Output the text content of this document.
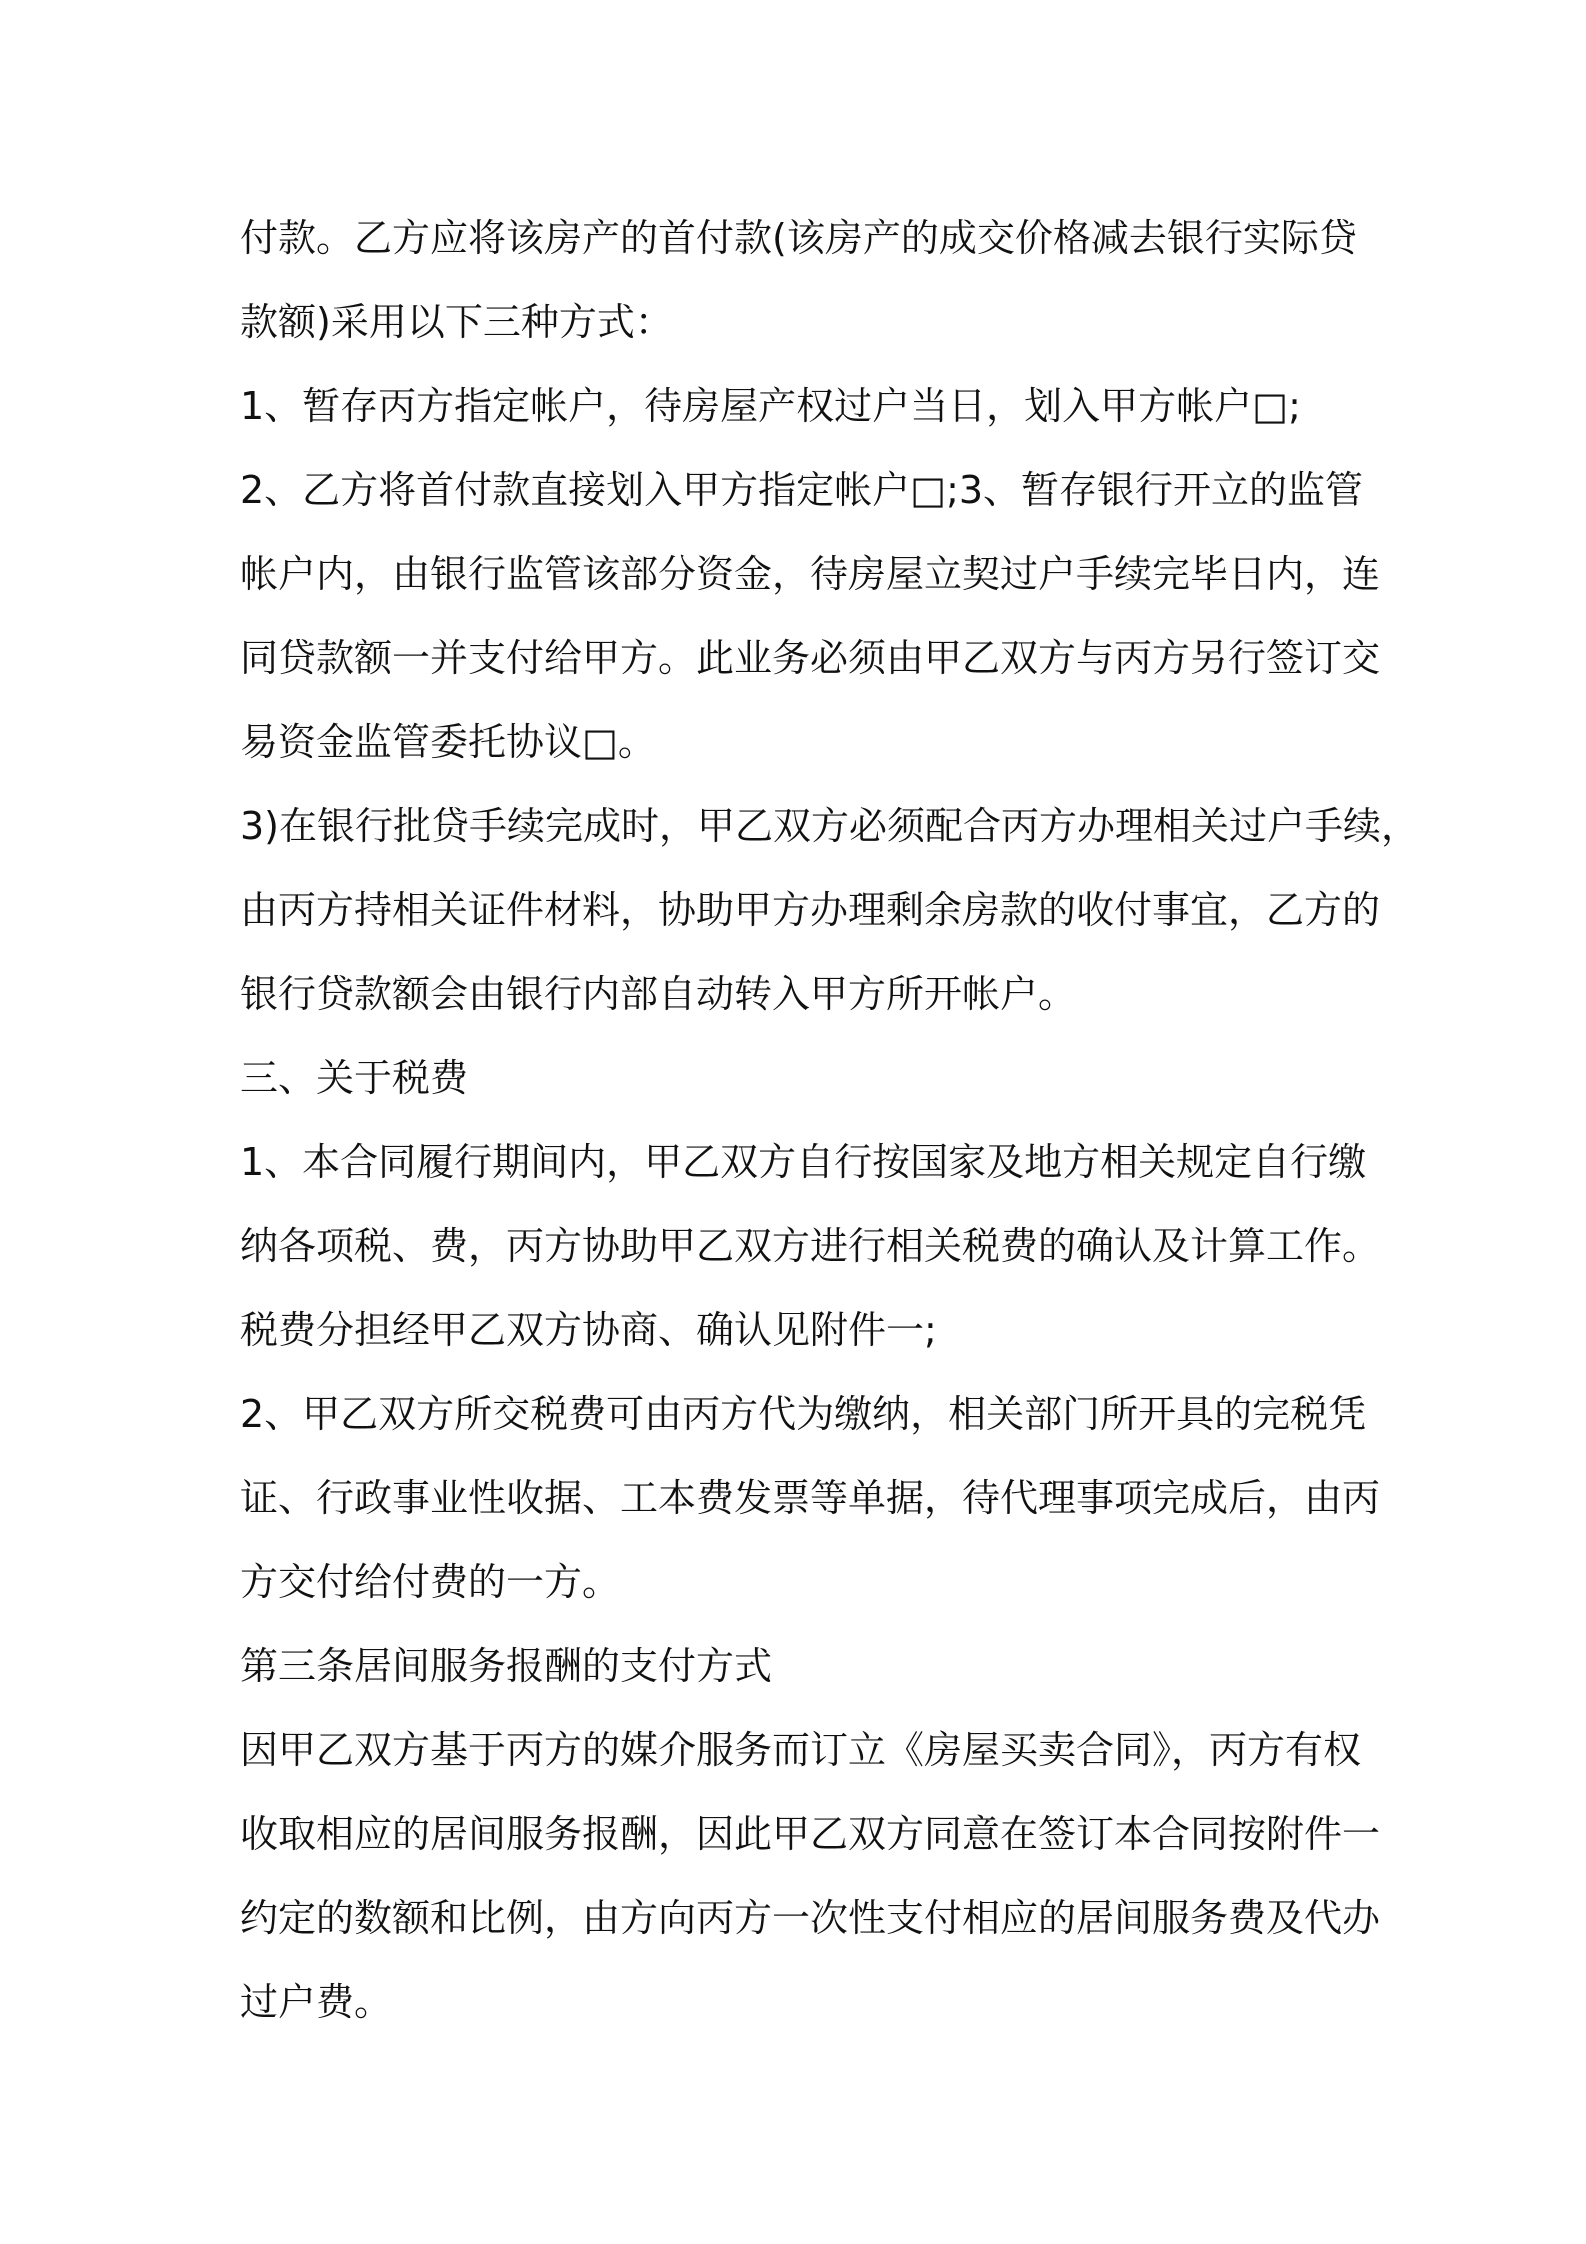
付款。乙方应将该房产的首付款(该房产的成交价格减去银行实际贷
款额)采用以下三种方式：
1、暂存丙方指定帐户，待房屋产权过户当日，划入甲方帐户□;
2、乙方将首付款直接划入甲方指定帐户□;3、暂存银行开立的监管
帐户内，由银行监管该部分资金，待房屋立契过户手续完毕日内，连
同贷款额一并支付给甲方。此业务必须由甲乙双方与丙方另行签订交
易资金监管委托协议□。
3)在银行批贷手续完成时，甲乙双方必须配合丙方办理相关过户手续，
由丙方持相关证件材料，协助甲方办理剩余房款的收付事宜，乙方的
银行贷款额会由银行内部自动转入甲方所开帐户。
三、关于税费
1、本合同履行期间内，甲乙双方自行按国家及地方相关规定自行缴
纳各项税、费，丙方协助甲乙双方进行相关税费的确认及计算工作。
税费分担经甲乙双方协商、确认见附件一;
2、甲乙双方所交税费可由丙方代为缴纳，相关部门所开具的完税凭
证、行政事业性收据、工本费发票等单据，待代理事项完成后，由丙
方交付给付费的一方。
第三条居间服务报酬的支付方式
因甲乙双方基于丙方的媒介服务而订立《房屋买卖合同》，丙方有权
收取相应的居间服务报酬，因此甲乙双方同意在签订本合同按附件一
约定的数额和比例，由方向丙方一次性支付相应的居间服务费及代办
过户费。
